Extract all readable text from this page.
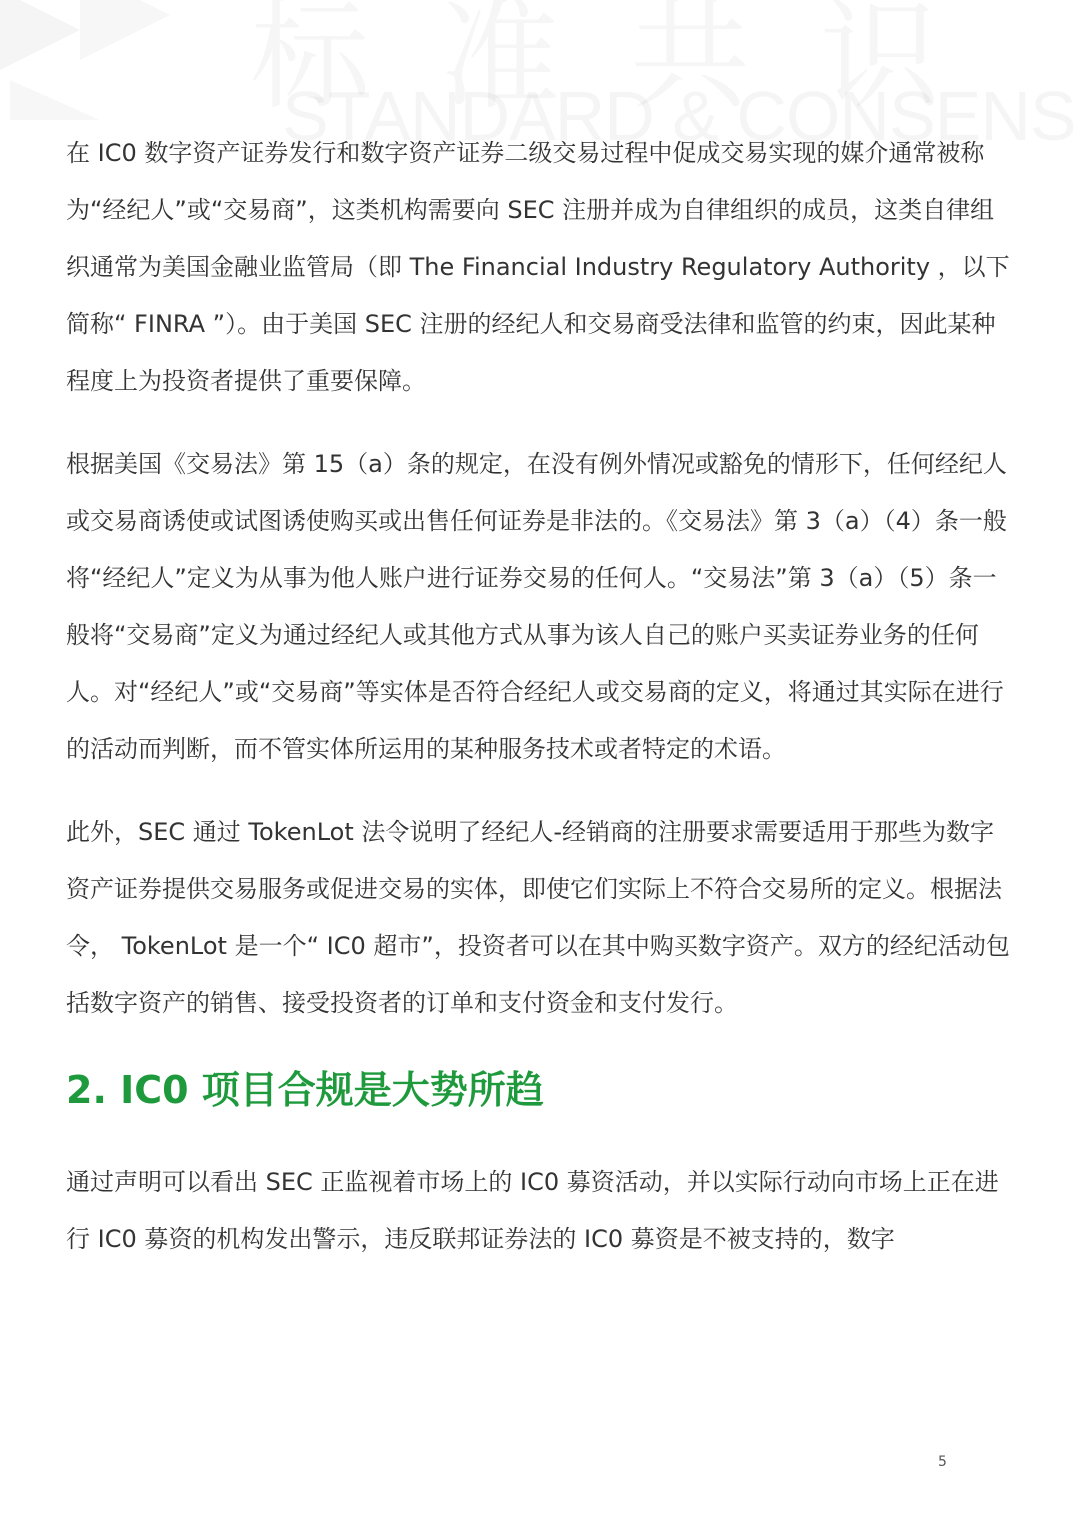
在 IC0 数字资产证券发行和数字资产证券二级交易过程中促成交易实现的媒介通常被称为“经纪人”或“交易商”，这类机构需要向 SEC 注册并成为自律组织的成员，这类自律组织通常为美国金融业监管局（即 The Financial Industry Regulatory Authority ，以下简称“ FINRA ”）。由于美国 SEC 注册的经纪人和交易商受法律和监管的约束，因此某种程度上为投资者提供了重要保障。

根据美国《交易法》第 15（a）条的规定，在没有例外情况或豁免的情形下，任何经纪人或交易商诱使或试图诱使购买或出售任何证券是非法的。《交易法》第 3（a）（4）条一般将“经纪人”定义为从事为他人账户进行证券交易的任何人。“交易法”第 3（a）（5）条一般将“交易商”定义为通过经纪人或其他方式从事为该人自己的账户买卖证券业务的任何人。对“经纪人”或“交易商”等实体是否符合经纪人或交易商的定义，将通过其实际在进行的活动而判断，而不管实体所运用的某种服务技术或者特定的术语。

此外，SEC 通过 TokenLot 法令说明了经纪人-经销商的注册要求需要适用于那些为数字资产证券提供交易服务或促进交易的实体，即使它们实际上不符合交易所的定义。根据法令， TokenLot 是一个“ IC0 超市”，投资者可以在其中购买数字资产。双方的经纪活动包括数字资产的销售、接受投资者的订单和支付资金和支付发行。

2. IC0 项目合规是大势所趋

通过声明可以看出 SEC 正监视着市场上的 IC0 募资活动，并以实际行动向市场上正在进行 IC0 募资的机构发出警示，违反联邦证券法的 IC0 募资是不被支持的，数字

5
